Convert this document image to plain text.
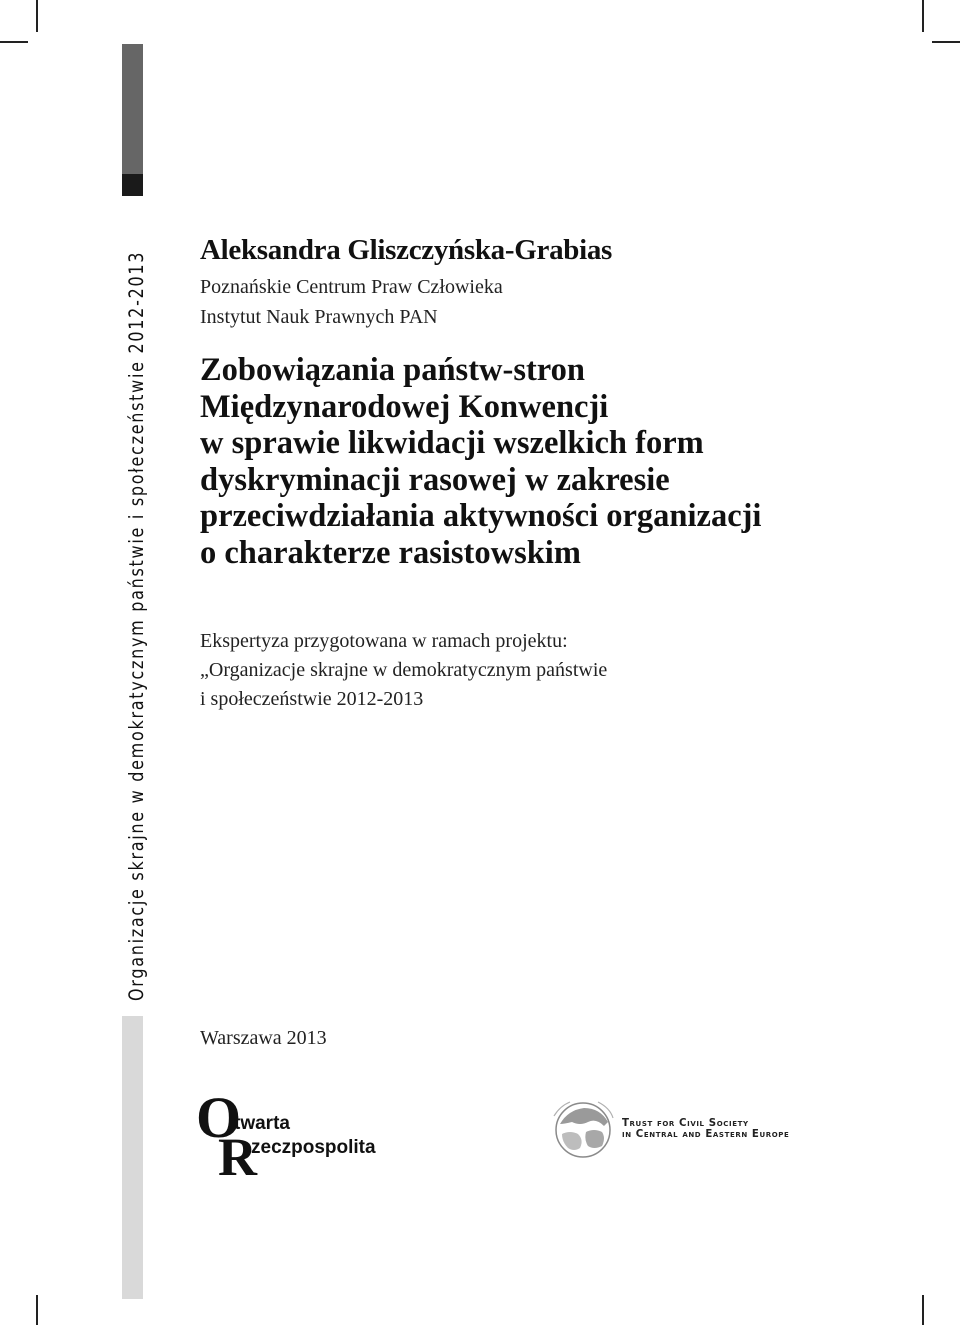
Organizacje skrajne w demokratycznym państwie i społeczeństwie 2012-2013
Aleksandra Gliszczyńska-Grabias
Poznańskie Centrum Praw Człowieka
Instytut Nauk Prawnych PAN
Zobowiązania państw-stron
Międzynarodowej Konwencji
w sprawie likwidacji wszelkich form
dyskryminacji rasowej w zakresie
przeciwdziałania aktywności organizacji
o charakterze rasistowskim
Ekspertyza przygotowana w ramach projektu:
„Organizacje skrajne w demokratycznym państwie
i społeczeństwie 2012-2013
Warszawa 2013
O
twarta
R
zeczpospolita
Trust for Civil Society
in Central and Eastern Europe
